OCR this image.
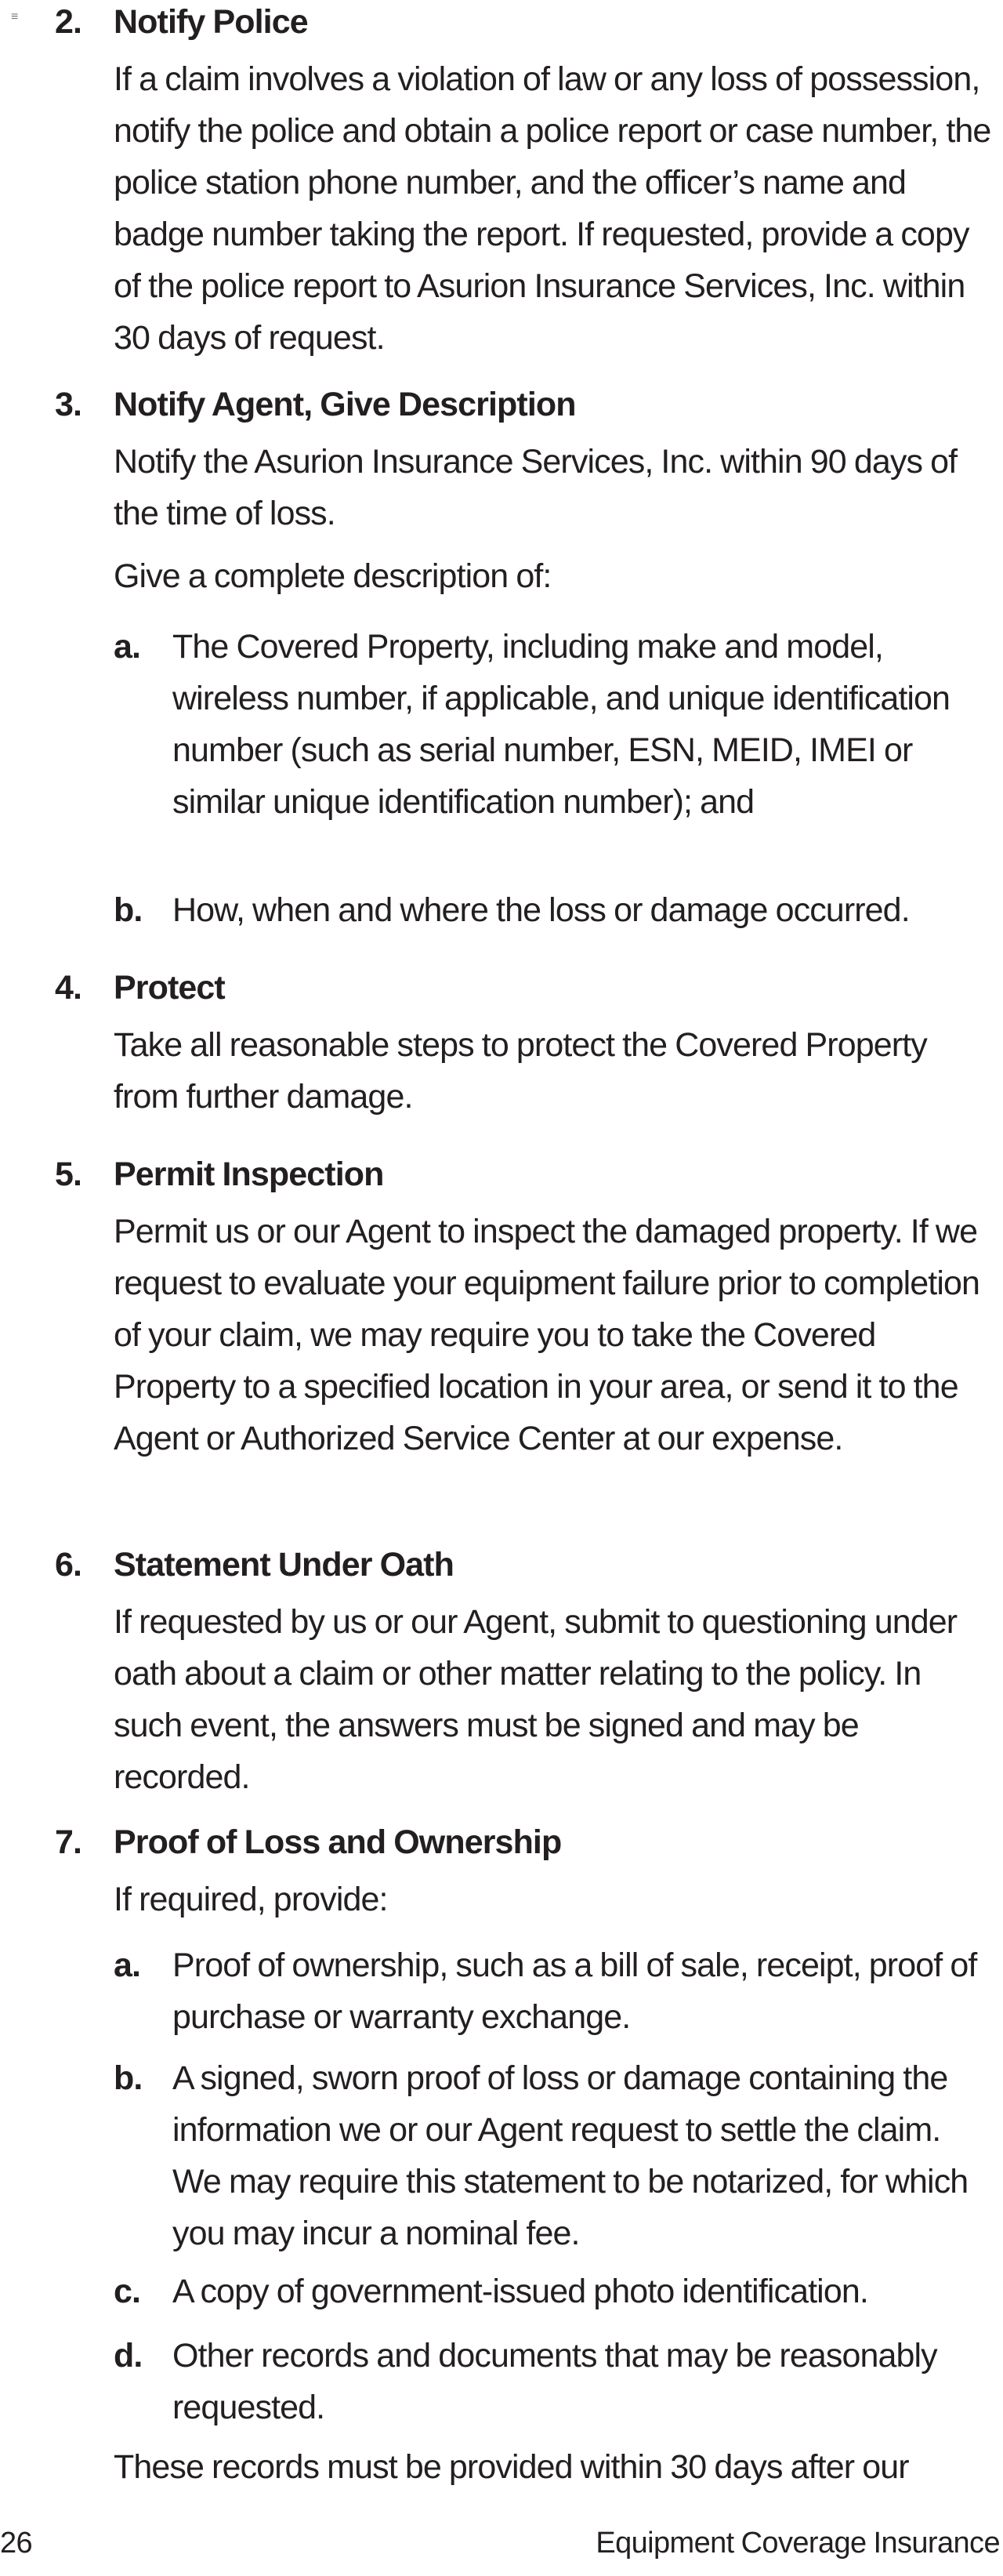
≡ 2. Notify Police
If a claim involves a violation of law or any loss of possession, notify the police and obtain a police report or case number, the police station phone number, and the officer’s name and badge number taking the report. If requested, provide a copy of the police report to Asurion Insurance Services, Inc. within 30 days of request.
3. Notify Agent, Give Description
Notify the Asurion Insurance Services, Inc. within 90 days of the time of loss.
Give a complete description of:
a. The Covered Property, including make and model, wireless number, if applicable, and unique identification number (such as serial number, ESN, MEID, IMEI or similar unique identification number); and
b. How, when and where the loss or damage occurred.
4. Protect
Take all reasonable steps to protect the Covered Property from further damage.
5. Permit Inspection
Permit us or our Agent to inspect the damaged property. If we request to evaluate your equipment failure prior to completion of your claim, we may require you to take the Covered Property to a specified location in your area, or send it to the Agent or Authorized Service Center at our expense.
6. Statement Under Oath
If requested by us or our Agent, submit to questioning under oath about a claim or other matter relating to the policy. In such event, the answers must be signed and may be recorded.
7. Proof of Loss and Ownership
If required, provide:
a. Proof of ownership, such as a bill of sale, receipt, proof of purchase or warranty exchange.
b. A signed, sworn proof of loss or damage containing the information we or our Agent request to settle the claim. We may require this statement to be notarized, for which you may incur a nominal fee.
c. A copy of government-issued photo identification.
d. Other records and documents that may be reasonably requested.
These records must be provided within 30 days after our
26	Equipment Coverage Insurance
